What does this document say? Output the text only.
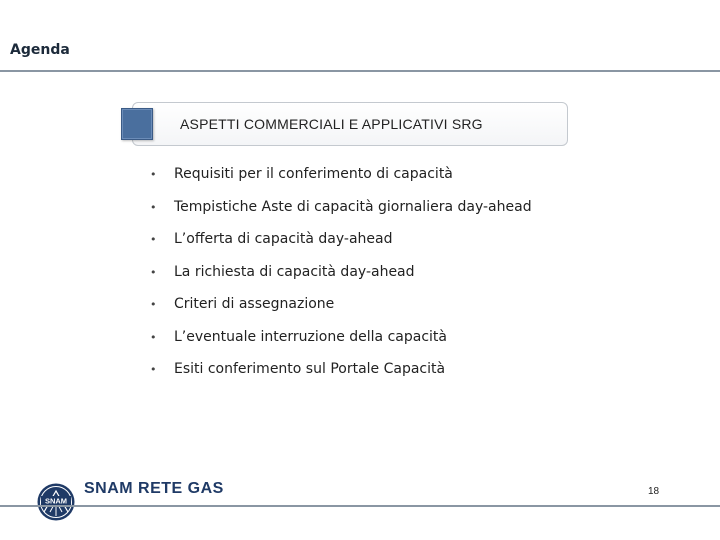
Agenda
ASPETTI COMMERCIALI E APPLICATIVI SRG
• Requisiti per il conferimento di capacità
• Tempistiche Aste di capacità giornaliera day-ahead
• L’offerta di capacità day-ahead
• La richiesta di capacità day-ahead
• Criteri di assegnazione
• L’eventuale interruzione della capacità
• Esiti conferimento sul Portale Capacità
SNAM
SNAM RETE GAS	18
